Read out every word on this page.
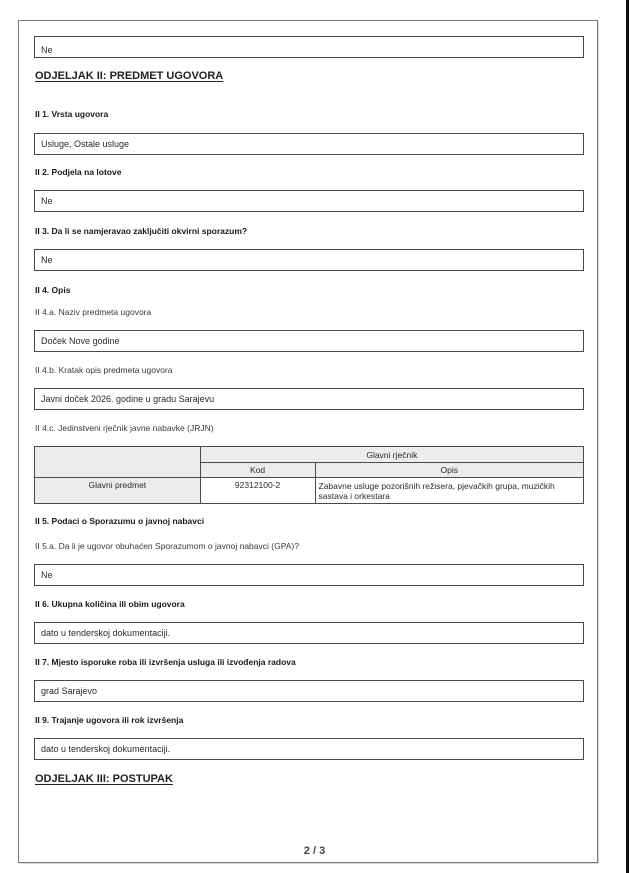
Ne
ODJELJAK II: PREDMET UGOVORA
II 1. Vrsta ugovora
Usluge, Ostale usluge
II 2. Podjela na lotove
Ne
II 3. Da li se namjeravao zaključiti okvirni sporazum?
Ne
II 4. Opis
II 4.a. Naziv predmeta ugovora
Doček Nove godine
II 4.b. Kratak opis predmeta ugovora
Javni doček 2026. godine u gradu Sarajevu
II 4.c. Jedinstveni rječnik javne nabavke (JRJN)
	Glavni rječnik	
	Kod	Opis
Glavni predmet	92312100-2	Zabavne usluge pozorišnih režisera, pjevačkih grupa, muzičkih sastava i orkestara
II 5. Podaci o Sporazumu o javnoj nabavci
II 5.a. Da li je ugovor obuhaćen Sporazumom o javnoj nabavci (GPA)?
Ne
II 6. Ukupna količina ili obim ugovora
dato u tenderskoj dokumentaciji.
II 7. Mjesto isporuke roba ili izvršenja usluga ili izvođenja radova
grad Sarajevo
II 9. Trajanje ugovora ili rok izvršenja
dato u tenderskoj dokumentaciji.
ODJELJAK III: POSTUPAK
2 / 3
